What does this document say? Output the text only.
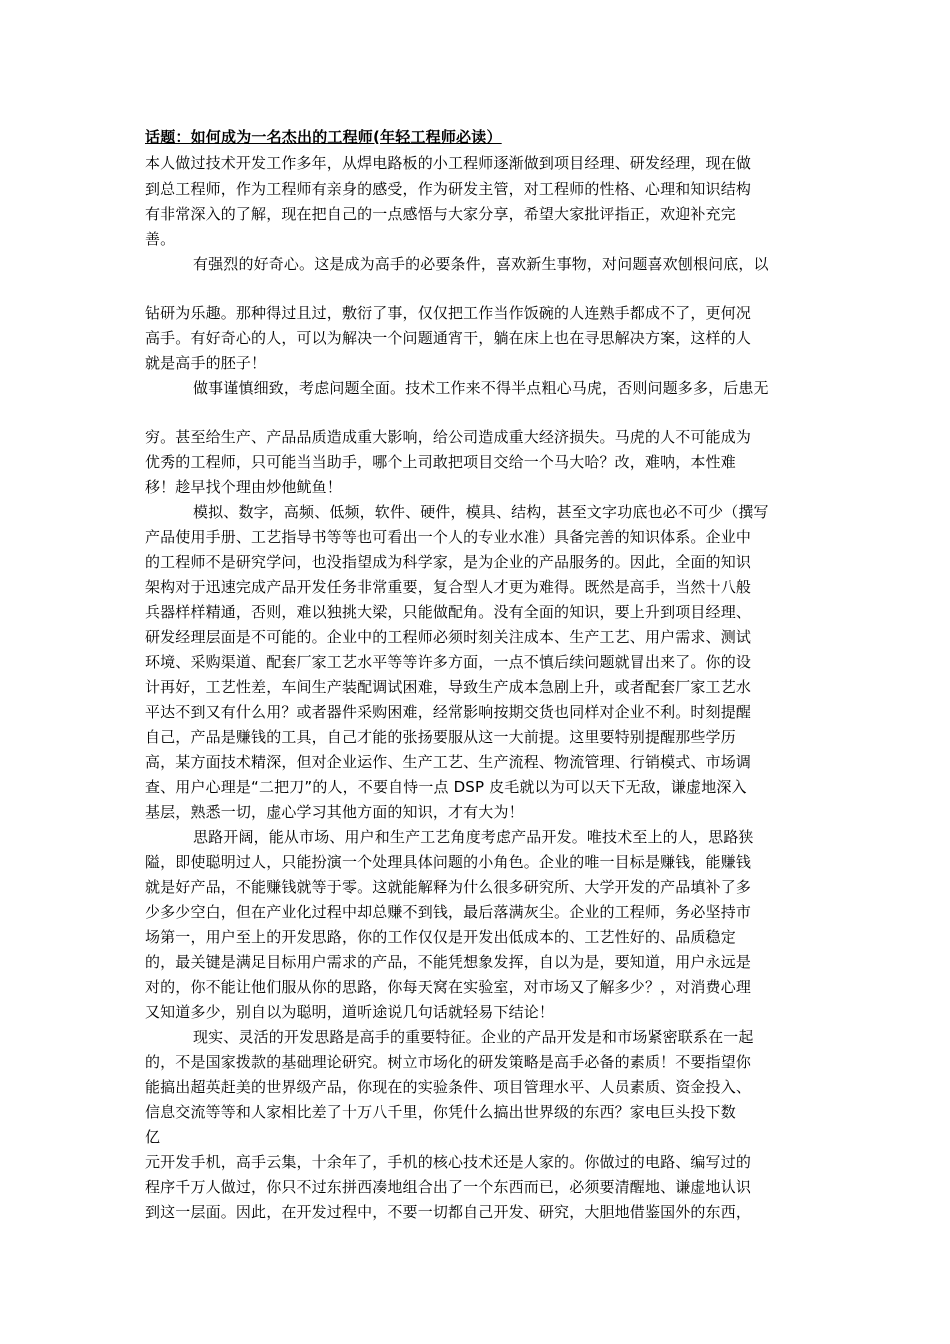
话题：如何成为一名杰出的工程师(年轻工程师必读）
本人做过技术开发工作多年，从焊电路板的小工程师逐渐做到项目经理、研发经理，现在做
到总工程师，作为工程师有亲身的感受，作为研发主管，对工程师的性格、心理和知识结构
有非常深入的了解，现在把自己的一点感悟与大家分享，希望大家批评指正，欢迎补充完
善。
有强烈的好奇心。这是成为高手的必要条件，喜欢新生事物，对问题喜欢刨根问底，以
钻研为乐趣。那种得过且过，敷衍了事，仅仅把工作当作饭碗的人连熟手都成不了，更何况
高手。有好奇心的人，可以为解决一个问题通宵干，躺在床上也在寻思解决方案，这样的人
就是高手的胚子！
做事谨慎细致，考虑问题全面。技术工作来不得半点粗心马虎，否则问题多多，后患无
穷。甚至给生产、产品品质造成重大影响，给公司造成重大经济损失。马虎的人不可能成为
优秀的工程师，只可能当当助手，哪个上司敢把项目交给一个马大哈？改，难呐，本性难
移！趁早找个理由炒他鱿鱼！
模拟、数字，高频、低频，软件、硬件，模具、结构，甚至文字功底也必不可少（撰写
产品使用手册、工艺指导书等等也可看出一个人的专业水准）具备完善的知识体系。企业中
的工程师不是研究学问，也没指望成为科学家，是为企业的产品服务的。因此，全面的知识
架构对于迅速完成产品开发任务非常重要，复合型人才更为难得。既然是高手，当然十八般
兵器样样精通，否则，难以独挑大梁，只能做配角。没有全面的知识，要上升到项目经理、
研发经理层面是不可能的。企业中的工程师必须时刻关注成本、生产工艺、用户需求、测试
环境、采购渠道、配套厂家工艺水平等等许多方面，一点不慎后续问题就冒出来了。你的设
计再好，工艺性差，车间生产装配调试困难，导致生产成本急剧上升，或者配套厂家工艺水
平达不到又有什么用？或者器件采购困难，经常影响按期交货也同样对企业不利。时刻提醒
自己，产品是赚钱的工具，自己才能的张扬要服从这一大前提。这里要特别提醒那些学历
高，某方面技术精深，但对企业运作、生产工艺、生产流程、物流管理、行销模式、市场调
查、用户心理是“二把刀”的人，不要自恃一点 DSP 皮毛就以为可以天下无敌，谦虚地深入
基层，熟悉一切，虚心学习其他方面的知识，才有大为！
思路开阔，能从市场、用户和生产工艺角度考虑产品开发。唯技术至上的人，思路狭
隘，即使聪明过人，只能扮演一个处理具体问题的小角色。企业的唯一目标是赚钱，能赚钱
就是好产品，不能赚钱就等于零。这就能解释为什么很多研究所、大学开发的产品填补了多
少多少空白，但在产业化过程中却总赚不到钱，最后落满灰尘。企业的工程师，务必坚持市
场第一，用户至上的开发思路，你的工作仅仅是开发出低成本的、工艺性好的、品质稳定
的，最关键是满足目标用户需求的产品，不能凭想象发挥，自以为是，要知道，用户永远是
对的，你不能让他们服从你的思路，你每天窝在实验室，对市场又了解多少？，对消费心理
又知道多少，别自以为聪明，道听途说几句话就轻易下结论！
现实、灵活的开发思路是高手的重要特征。企业的产品开发是和市场紧密联系在一起
的，不是国家拨款的基础理论研究。树立市场化的研发策略是高手必备的素质！不要指望你
能搞出超英赶美的世界级产品，你现在的实验条件、项目管理水平、人员素质、资金投入、
信息交流等等和人家相比差了十万八千里，你凭什么搞出世界级的东西？家电巨头投下数
亿
元开发手机，高手云集，十余年了，手机的核心技术还是人家的。你做过的电路、编写过的
程序千万人做过，你只不过东拼西凑地组合出了一个东西而已，必须要清醒地、谦虚地认识
到这一层面。因此，在开发过程中，不要一切都自己开发、研究，大胆地借鉴国外的东西，
